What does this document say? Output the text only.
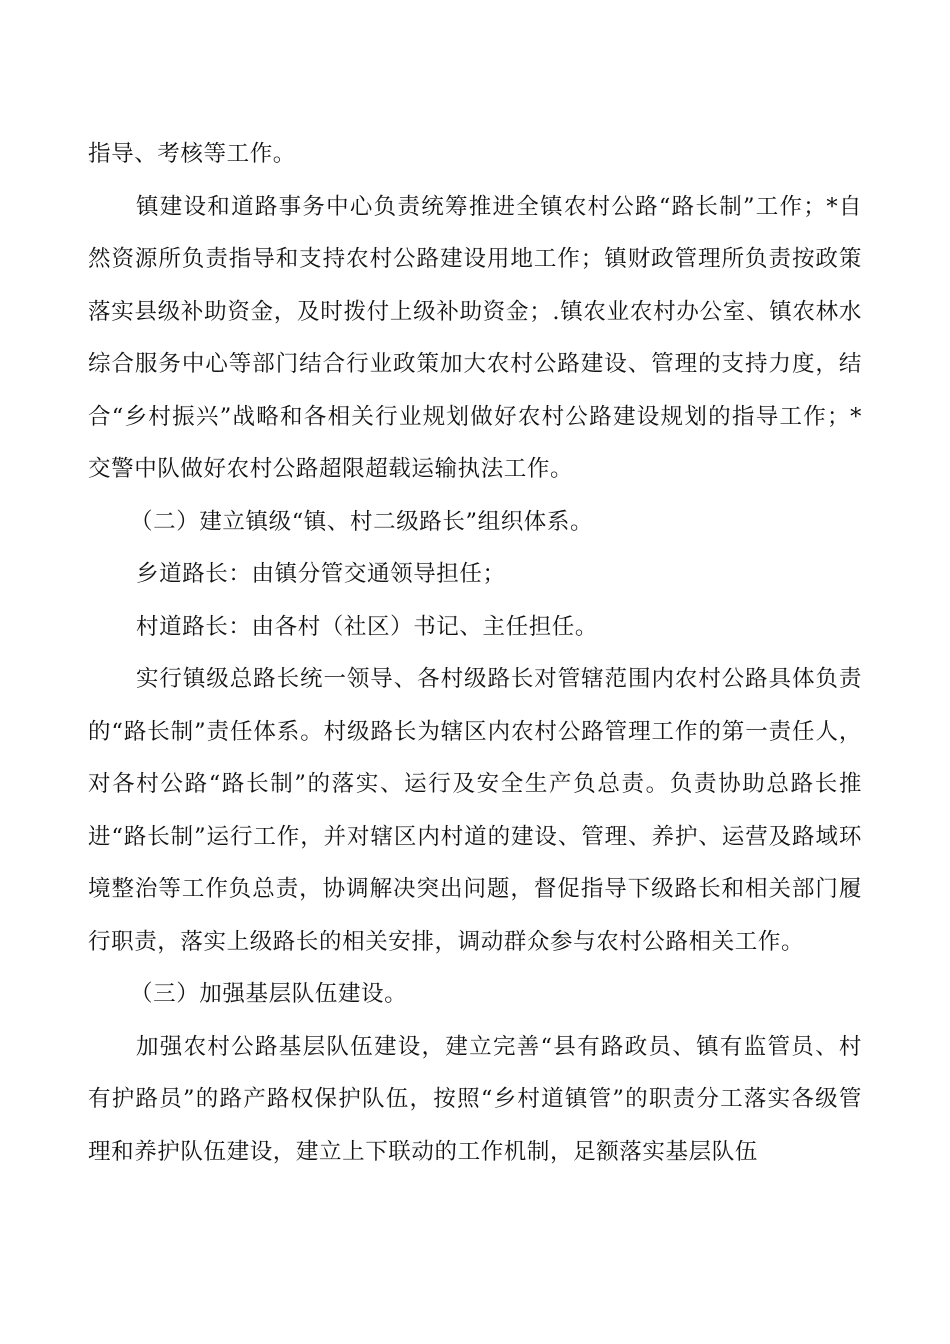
指导、考核等工作。

镇建设和道路事务中心负责统筹推进全镇农村公路“路长制”工作；*自然资源所负责指导和支持农村公路建设用地工作；镇财政管理所负责按政策落实县级补助资金，及时拨付上级补助资金；.镇农业农村办公室、镇农林水综合服务中心等部门结合行业政策加大农村公路建设、管理的支持力度，结合“乡村振兴”战略和各相关行业规划做好农村公路建设规划的指导工作；*交警中队做好农村公路超限超载运输执法工作。

（二）建立镇级“镇、村二级路长”组织体系。

乡道路长：由镇分管交通领导担任；

村道路长：由各村（社区）书记、主任担任。

实行镇级总路长统一领导、各村级路长对管辖范围内农村公路具体负责的“路长制”责任体系。村级路长为辖区内农村公路管理工作的第一责任人，对各村公路“路长制”的落实、运行及安全生产负总责。负责协助总路长推进“路长制”运行工作，并对辖区内村道的建设、管理、养护、运营及路域环境整治等工作负总责，协调解决突出问题，督促指导下级路长和相关部门履行职责，落实上级路长的相关安排，调动群众参与农村公路相关工作。

（三）加强基层队伍建设。

加强农村公路基层队伍建设，建立完善“县有路政员、镇有监管员、村有护路员”的路产路权保护队伍，按照“乡村道镇管”的职责分工落实各级管理和养护队伍建设，建立上下联动的工作机制，足额落实基层队伍
